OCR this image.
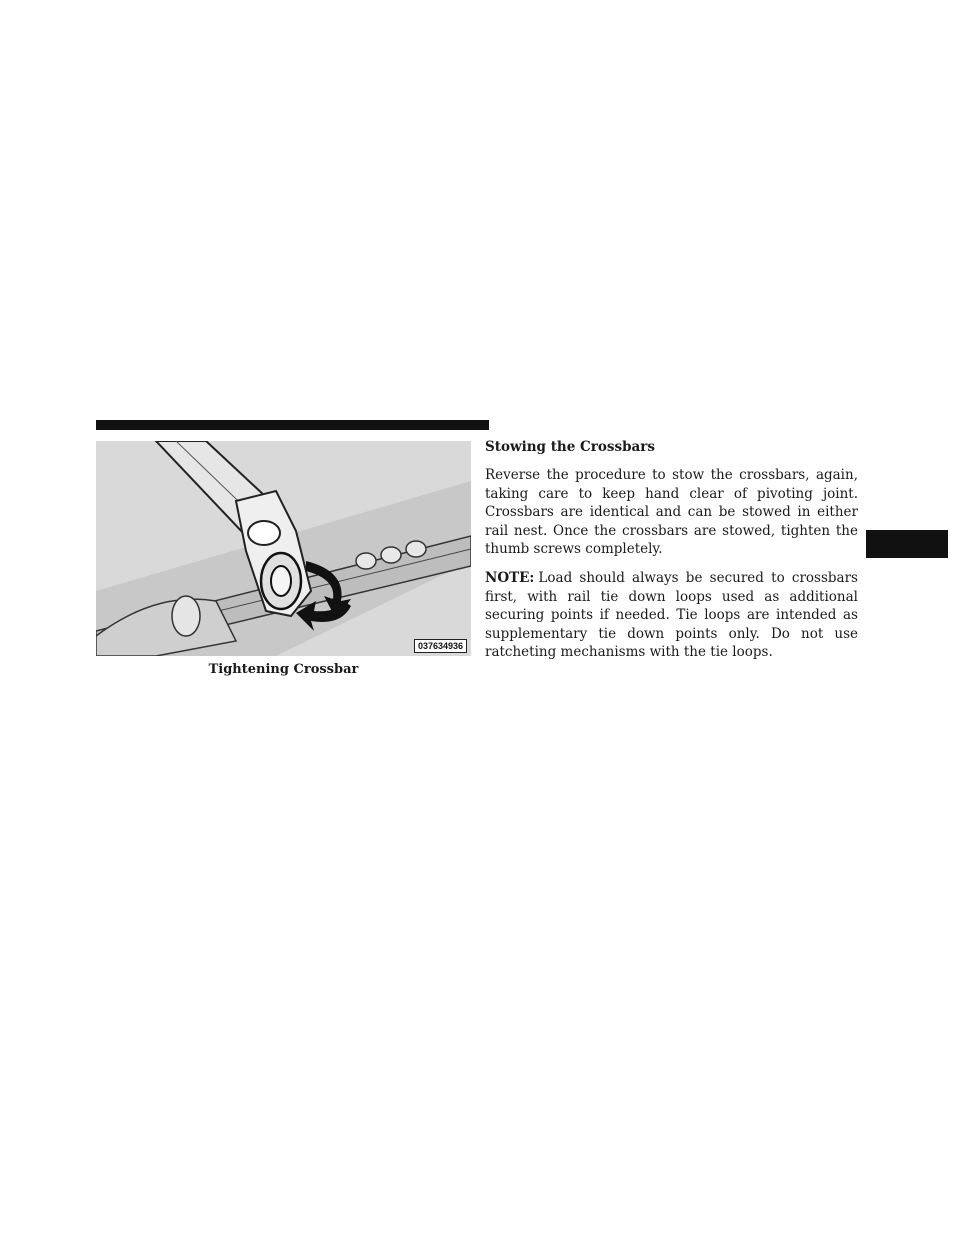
037634936
Tightening Crossbar
Stowing the Crossbars

Reverse the procedure to stow the crossbars, again, taking care to keep hand clear of pivoting joint. Crossbars are identical and can be stowed in either rail nest. Once the crossbars are stowed, tighten the thumb screws completely.

NOTE: Load should always be secured to crossbars first, with rail tie down loops used as additional securing points if needed. Tie loops are intended as supplementary tie down points only. Do not use ratcheting mechanisms with the tie loops.
